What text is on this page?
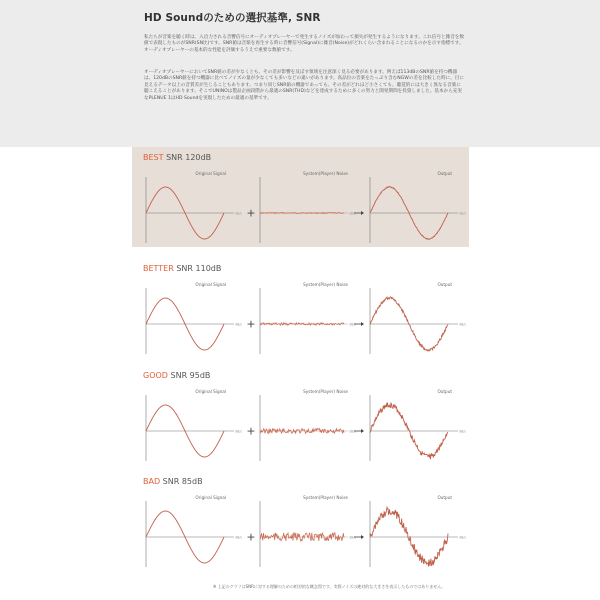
HD Soundのための選択基準, SNR
私たちが音楽を聴く時は、入出力される音響信号にオーディオプレーヤーで発生するノイズが加わって損失が発生するようになります。これ信号と雑音を数値で表現したものがSNR(SN比)です。SNR値は音楽を再生する時に音響信号(Signal)に雑音(Noise)がどれくらい含まれることになるのかを示す指標です。オーディオプレーヤーの基本的な性能を評価するうえで重要な数値です。
オーディオプレーヤーにおいてSNR値の差が少なくとも、その差が影響を及ぼす領域を注意深く見る必要があります。例えば113dBのSNR値を持つ機器は、120dBのSNR値を持つ機器に比べてノイズの量が少なくても多いなどの違いがあります。高品位の音楽をたっぷり含むNGWの差を比較した時に、目に見えるデータ以上の音質差が生じることもあります。つまり同じSNR値の機器であっても、その差がどれほど小さくても、聴覚的には大きく異なる音楽に聴こえることがあります。そこでUNINOは製品企画段階から最適のSNR(THD)などを達成するために多くの努力と開発期間を投資しました。基本から充実なPLENUE 1はHD Soundを実現したための最適の基準です。
BEST SNR 120dB
Original Signal
dB/s +
System(Player) Noise
dB/s
Output
dB/s
BETTER SNR 110dB
Original Signal
dB/s +
System(Player) Noise
dB/s
Output
dB/s
GOOD SNR 95dB
Original Signal
dB/s +
System(Player) Noise
dB/s
Output
dB/s
BAD SNR 85dB
Original Signal
dB/s +
System(Player) Noise
dB/s
Output
dB/s
※ 上記のグラフはSNRに対する理解のための相対的な概念図です。実際ノイズの絶対的な大きさを表示したものではありません。
